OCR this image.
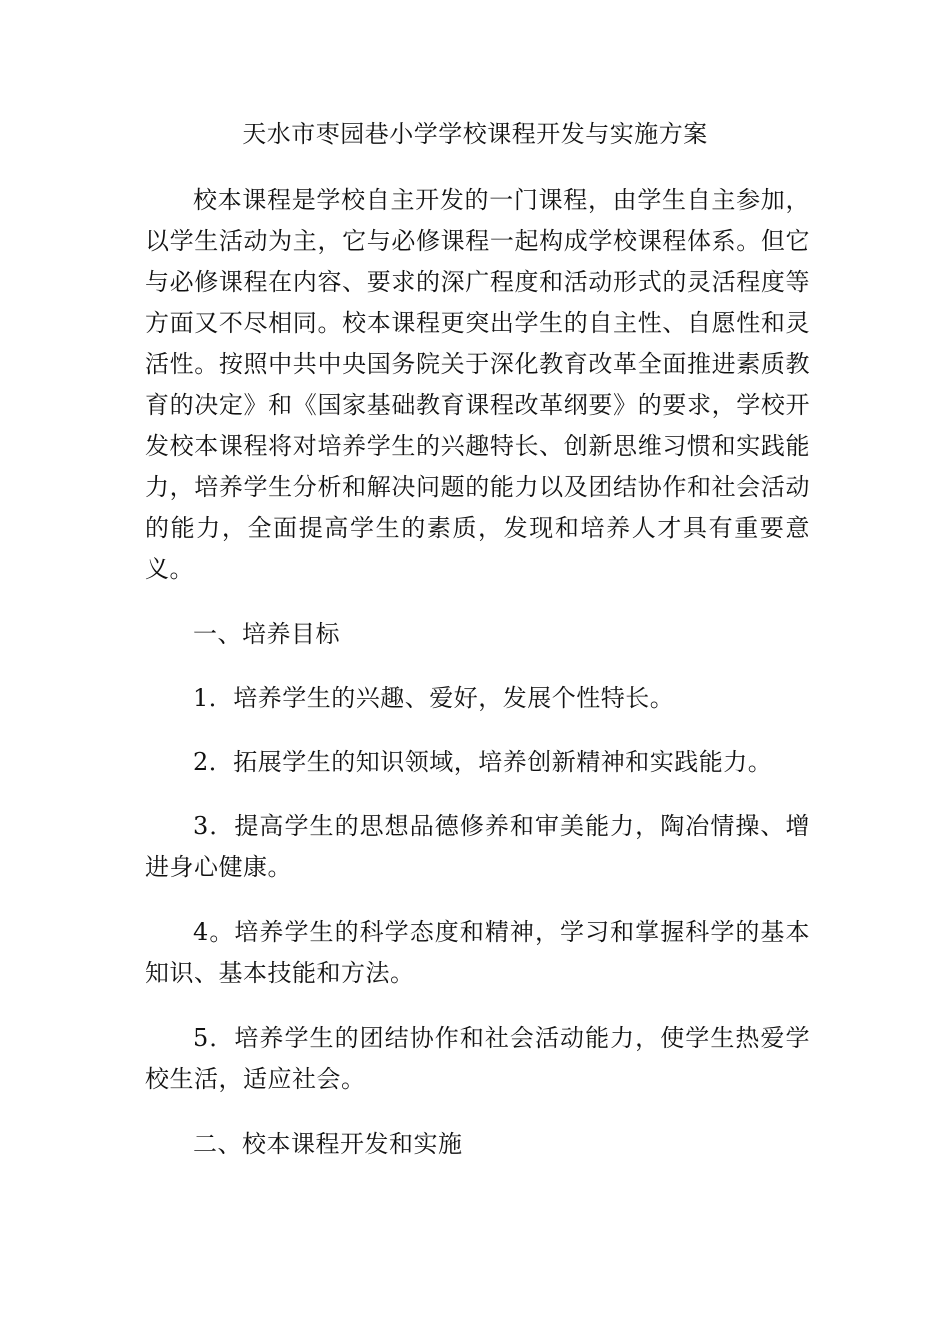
天水市枣园巷小学学校课程开发与实施方案

校本课程是学校自主开发的一门课程，由学生自主参加，以学生活动为主，它与必修课程一起构成学校课程体系。但它与必修课程在内容、要求的深广程度和活动形式的灵活程度等方面又不尽相同。校本课程更突出学生的自主性、自愿性和灵活性。按照中共中央国务院关于深化教育改革全面推进素质教育的决定》和《国家基础教育课程改革纲要》的要求，学校开发校本课程将对培养学生的兴趣特长、创新思维习惯和实践能力，培养学生分析和解决问题的能力以及团结协作和社会活动的能力，全面提高学生的素质，发现和培养人才具有重要意义。

一、培养目标

1．培养学生的兴趣、爱好，发展个性特长。

2．拓展学生的知识领域，培养创新精神和实践能力。

3．提高学生的思想品德修养和审美能力，陶冶情操、增进身心健康。

4。培养学生的科学态度和精神，学习和掌握科学的基本知识、基本技能和方法。

5．培养学生的团结协作和社会活动能力，使学生热爱学校生活，适应社会。

二、校本课程开发和实施
